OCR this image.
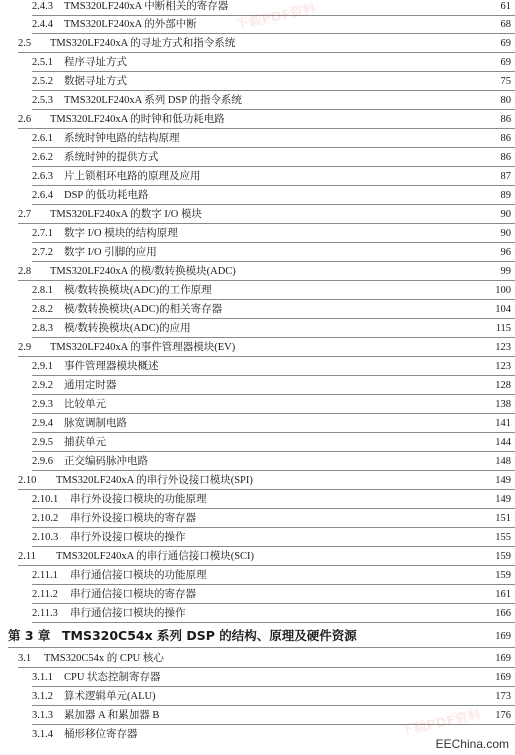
2.4.3 TMS320LF240xA 中断相关的寄存器	61
2.4.4 TMS320LF240xA 的外部中断	68
2.5 TMS320LF240xA 的寻址方式和指令系统	69
2.5.1 程序寻址方式	69
2.5.2 数据寻址方式	75
2.5.3 TMS320LF240xA 系列 DSP 的指令系统	80
2.6 TMS320LF240xA 的时钟和低功耗电路	86
2.6.1 系统时钟电路的结构原理	86
2.6.2 系统时钟的提供方式	86
2.6.3 片上锁相环电路的原理及应用	87
2.6.4 DSP 的低功耗电路	89
2.7 TMS320LF240xA 的数字 I/O 模块	90
2.7.1 数字 I/O 模块的结构原理	90
2.7.2 数字 I/O 引脚的应用	96
2.8 TMS320LF240xA 的模/数转换模块(ADC)	99
2.8.1 模/数转换模块(ADC)的工作原理	100
2.8.2 模/数转换模块(ADC)的相关寄存器	104
2.8.3 模/数转换模块(ADC)的应用	115
2.9 TMS320LF240xA 的事件管理器模块(EV)	123
2.9.1 事件管理器模块概述	123
2.9.2 通用定时器	128
2.9.3 比较单元	138
2.9.4 脉宽调制电路	141
2.9.5 捕获单元	144
2.9.6 正交编码脉冲电路	148
2.10 TMS320LF240xA 的串行外设接口模块(SPI)	149
2.10.1 串行外设接口模块的功能原理	149
2.10.2 串行外设接口模块的寄存器	151
2.10.3 串行外设接口模块的操作	155
2.11 TMS320LF240xA 的串行通信接口模块(SCI)	159
2.11.1 串行通信接口模块的功能原理	159
2.11.2 串行通信接口模块的寄存器	161
2.11.3 串行通信接口模块的操作	166
第 3 章 TMS320C54x 系列 DSP 的结构、原理及硬件资源	169
3.1 TMS320C54x 的 CPU 核心	169
3.1.1 CPU 状态控制寄存器	169
3.1.2 算术逻辑单元(ALU)	173
3.1.3 累加器 A 和累加器 B	176
3.1.4 桶形移位寄存器
下载PDF资料
下载PDF资料
EEChina.com
